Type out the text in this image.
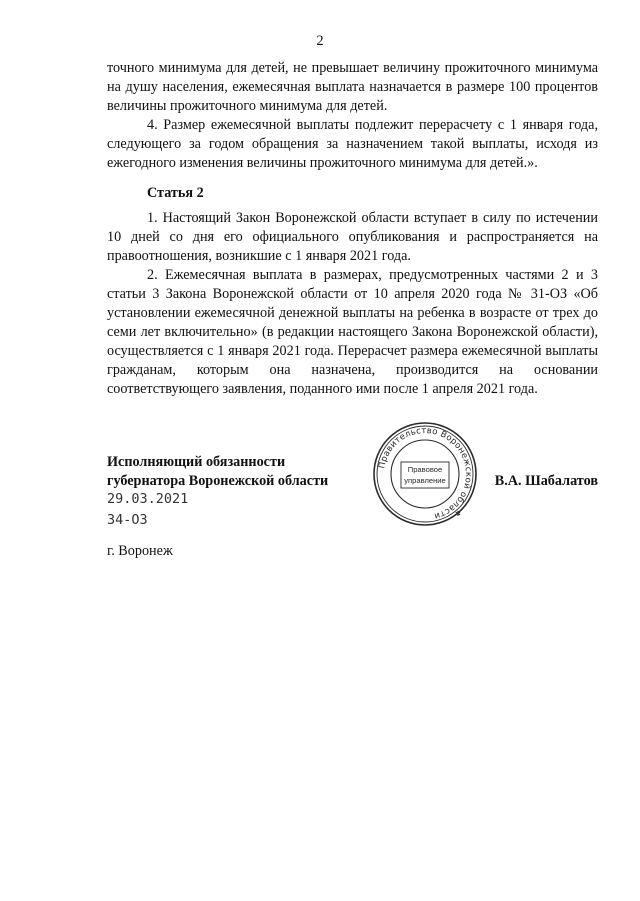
2

точного минимума для детей, не превышает величину прожиточного минимума на душу населения, ежемесячная выплата назначается в размере 100 процентов величины прожиточного минимума для детей.

4. Размер ежемесячной выплаты подлежит перерасчету с 1 января года, следующего за годом обращения за назначением такой выплаты, исходя из ежегодного изменения величины прожиточного минимума для детей.».

Статья 2

1. Настоящий Закон Воронежской области вступает в силу по истечении 10 дней со дня его официального опубликования и распространяется на правоотношения, возникшие с 1 января 2021 года.

2. Ежемесячная выплата в размерах, предусмотренных частями 2 и 3 статьи 3 Закона Воронежской области от 10 апреля 2020 года № 31-ОЗ «Об установлении ежемесячной денежной выплаты на ребенка в возрасте от трех до семи лет включительно» (в редакции настоящего Закона Воронежской области), осуществляется с 1 января 2021 года. Перерасчет размера ежемесячной выплаты гражданам, которым она назначена, производится на основании соответствующего заявления, поданного ими после 1 апреля 2021 года.

Исполняющий обязанности
губернатора Воронежской области
Правительство Воронежской области	✱
Правовое
управление	В.А. Шабалатов
29.03.2021
34-ОЗ
г. Воронеж
